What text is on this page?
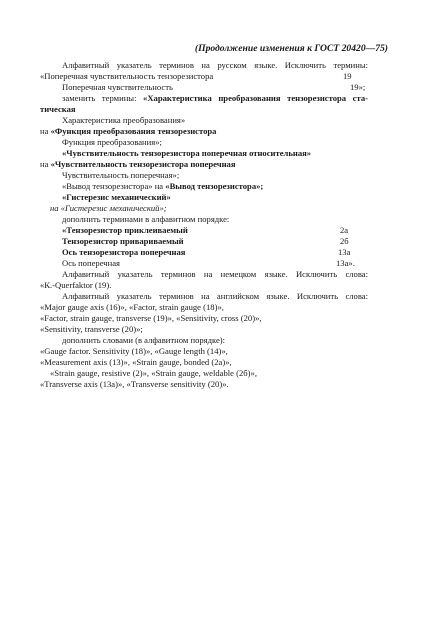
(Продолжение изменения к ГОСТ 20420—75)
Алфавитный указатель терминов на русском языке. Исключить термины:
«Поперечная чувствительность тензорезистора
Поперечная чувствительность
заменить термины: «Характеристика преобразования тензорезистора ста-
тическая
Характеристика преобразования»
на «Функция преобразования тензорезистора
Функция преобразования»;
«Чувствительность тензорезистора поперечная относительная»
на «Чувствительность тензорезистора поперечная
Чувствительность поперечная»;
«Вывод тензорезистора» на «Вывод тензорезистора»;
«Гистерезис механический»
на «Гистерезис механический»;
дополнить терминами в алфавитном порядке:
«Тензорезистор приклеиваемый
Тензорезистор привариваемый
Ось тензорезистора поперечная
Ось поперечная
Алфавитный указатель терминов на немецком языке. Исключить слова:
«К.-Querfaktor (19).
Алфавитный указатель терминов на английском языке. Исключить слова:
«Major gauge axis (16)», «Factor, strain gauge (18)»,
«Factor, strain gauge, transverse (19)», «Sensitivity, cross (20)»,
«Sensitivity, transverse (20)»;
дополнить словами (в алфавитном порядке):
«Gauge factor. Sensitivity (18)», «Gauge length (14)»,
«Measurement axis (13)», «Strain gauge, bonded (2a)»,
«Strain gauge, resistive (2)», «Strain gauge, weldable (2б)»,
«Transverse axis (13a)», «Transverse sensitivity (20)».
19
19»;
2а
2б
13а
13а».
